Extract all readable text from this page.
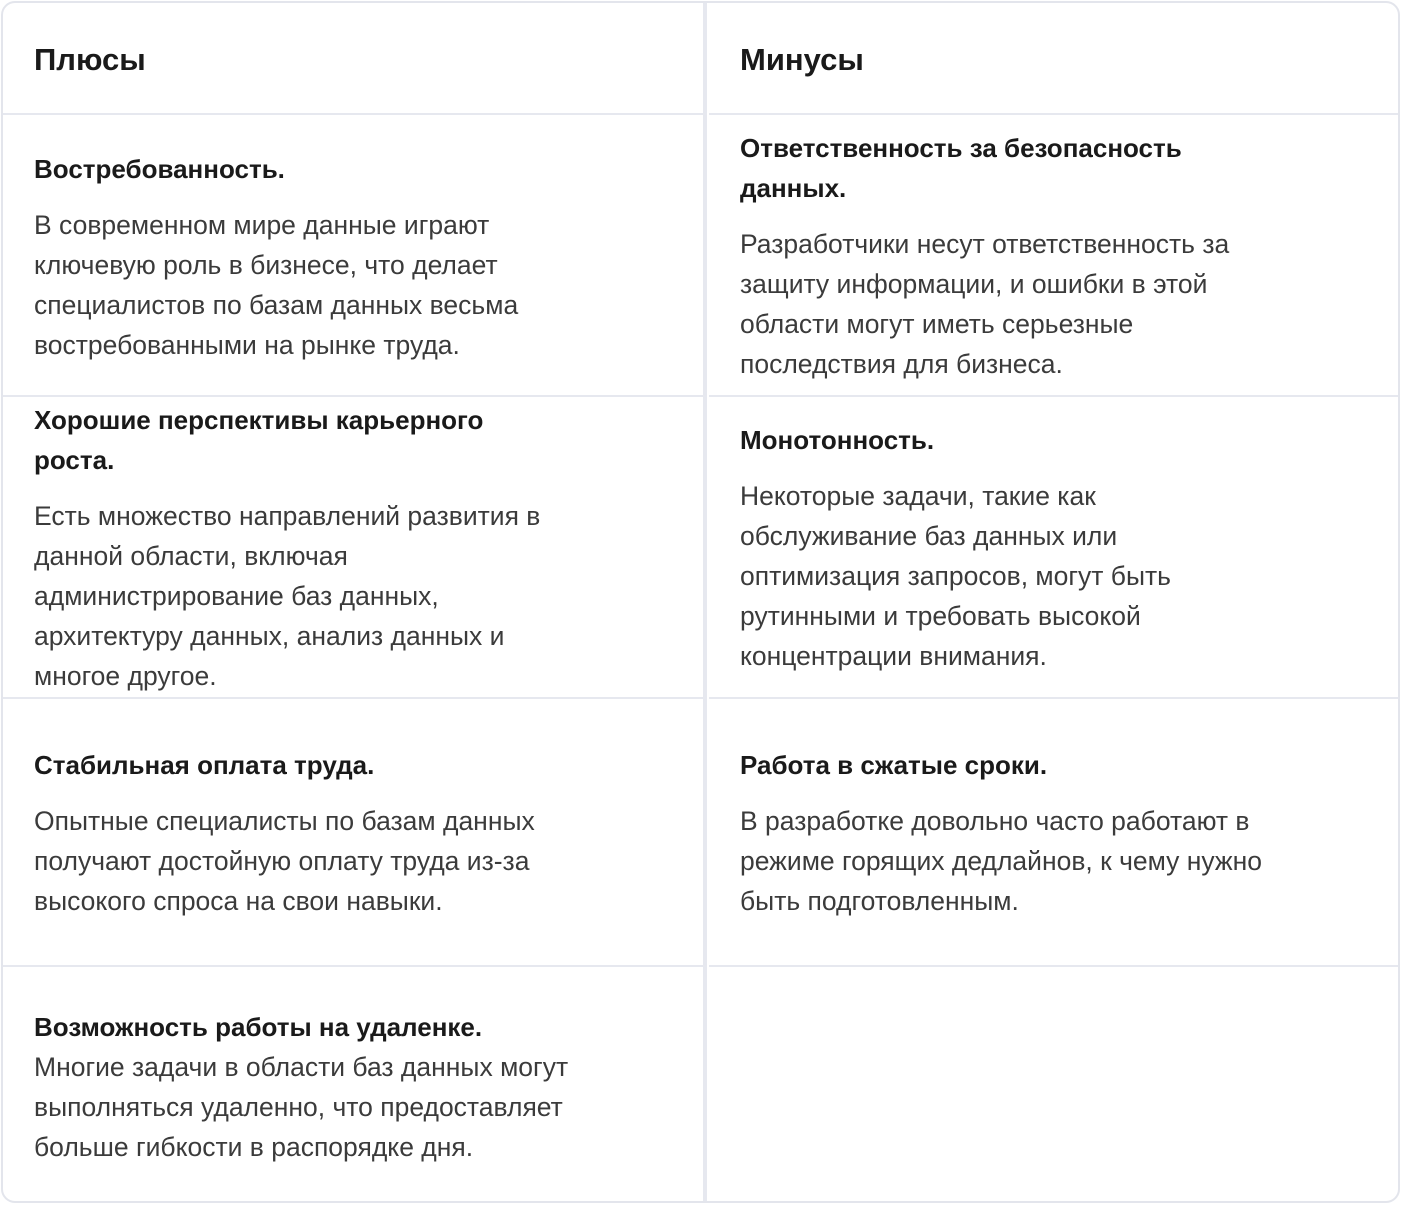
Плюсы	Минусы
Востребованность.
В современном мире данные играют
ключевую роль в бизнесе, что делает
специалистов по базам данных весьма
востребованными на рынке труда.
Хорошие перспективы карьерного
роста.
Есть множество направлений развития в
данной области, включая
администрирование баз данных,
архитектуру данных, анализ данных и
многое другое.
Стабильная оплата труда.
Опытные специалисты по базам данных
получают достойную оплату труда из-за
высокого спроса на свои навыки.
Возможность работы на удаленке.
Многие задачи в области баз данных могут
выполняться удаленно, что предоставляет
больше гибкости в распорядке дня.
Ответственность за безопасность
данных.
Разработчики несут ответственность за
защиту информации, и ошибки в этой
области могут иметь серьезные
последствия для бизнеса.
Монотонность.
Некоторые задачи, такие как
обслуживание баз данных или
оптимизация запросов, могут быть
рутинными и требовать высокой
концентрации внимания.
Работа в сжатые сроки.
В разработке довольно часто работают в
режиме горящих дедлайнов, к чему нужно
быть подготовленным.
